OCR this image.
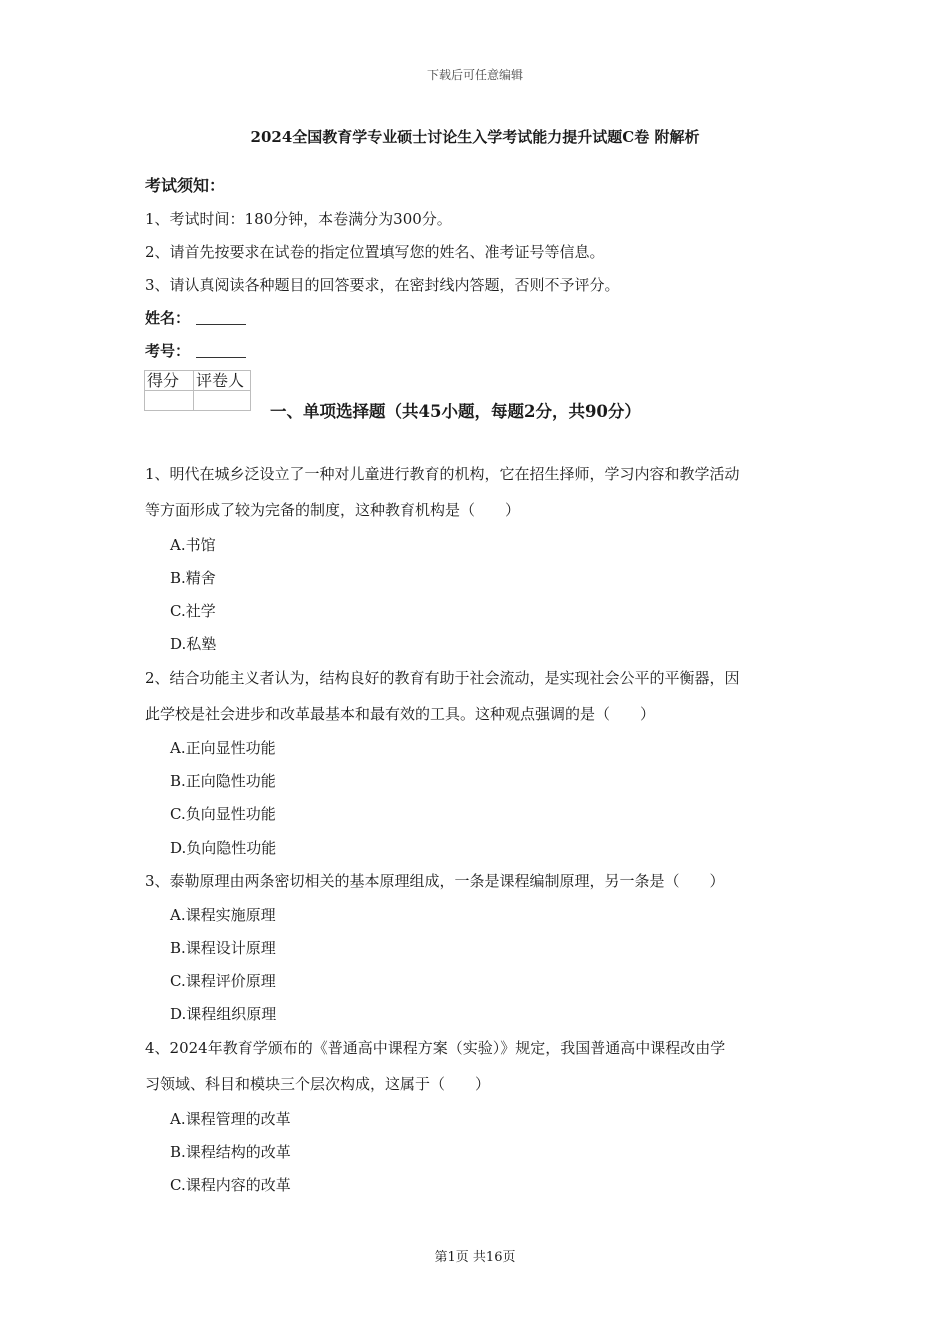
下载后可任意编辑
2024全国教育学专业硕士讨论生入学考试能力提升试题C卷 附解析
考试须知：
1、考试时间：180分钟，本卷满分为300分。
2、请首先按要求在试卷的指定位置填写您的姓名、准考证号等信息。
3、请认真阅读各种题目的回答要求，在密封线内答题，否则不予评分。
姓名：
考号：
得分	评卷人

一、单项选择题（共45小题，每题2分，共90分）
1、明代在城乡泛设立了一种对儿童进行教育的机构，它在招生择师，学习内容和教学活动
等方面形成了较为完备的制度，这种教育机构是（　　）
A.书馆
B.精舍
C.社学
D.私塾
2、结合功能主义者认为，结构良好的教育有助于社会流动，是实现社会公平的平衡器，因
此学校是社会进步和改革最基本和最有效的工具。这种观点强调的是（　　）
A.正向显性功能
B.正向隐性功能
C.负向显性功能
D.负向隐性功能
3、泰勒原理由两条密切相关的基本原理组成，一条是课程编制原理，另一条是（　　）
A.课程实施原理
B.课程设计原理
C.课程评价原理
D.课程组织原理
4、2024年教育学颁布的《普通高中课程方案（实验）》规定，我国普通高中课程改由学
习领域、科目和模块三个层次构成，这属于（　　）
A.课程管理的改革
B.课程结构的改革
C.课程内容的改革
第1页 共16页
